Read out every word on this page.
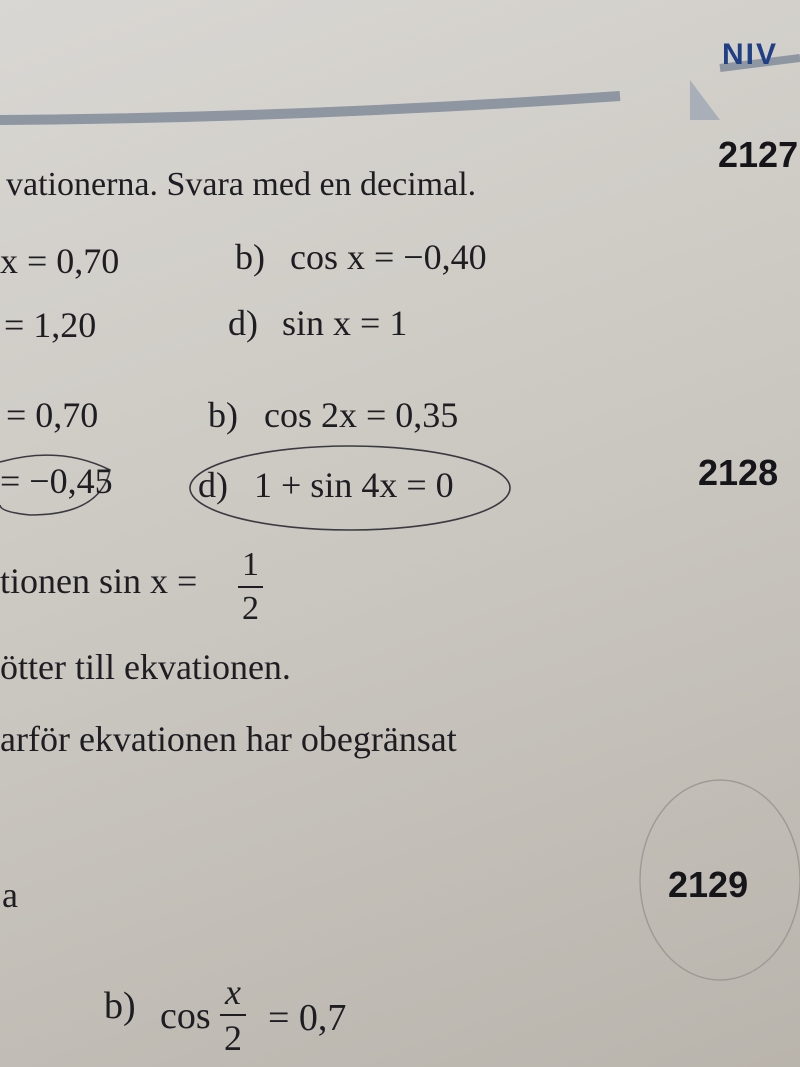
NIV
2127
2128
2129
vationerna. Svara med en decimal.
x = 0,70	b) cos x = −0,40
= 1,20	d) sin x = 1
= 0,70	b) cos 2x = 0,35
= −0,45 d) 1 + sin 4x = 0
tionen $\sin x = \frac{1}{2}$
ötter till ekvationen.
arför ekvationen har obegränsat
a
b) $\cos \frac{x}{2} = 0,7$
